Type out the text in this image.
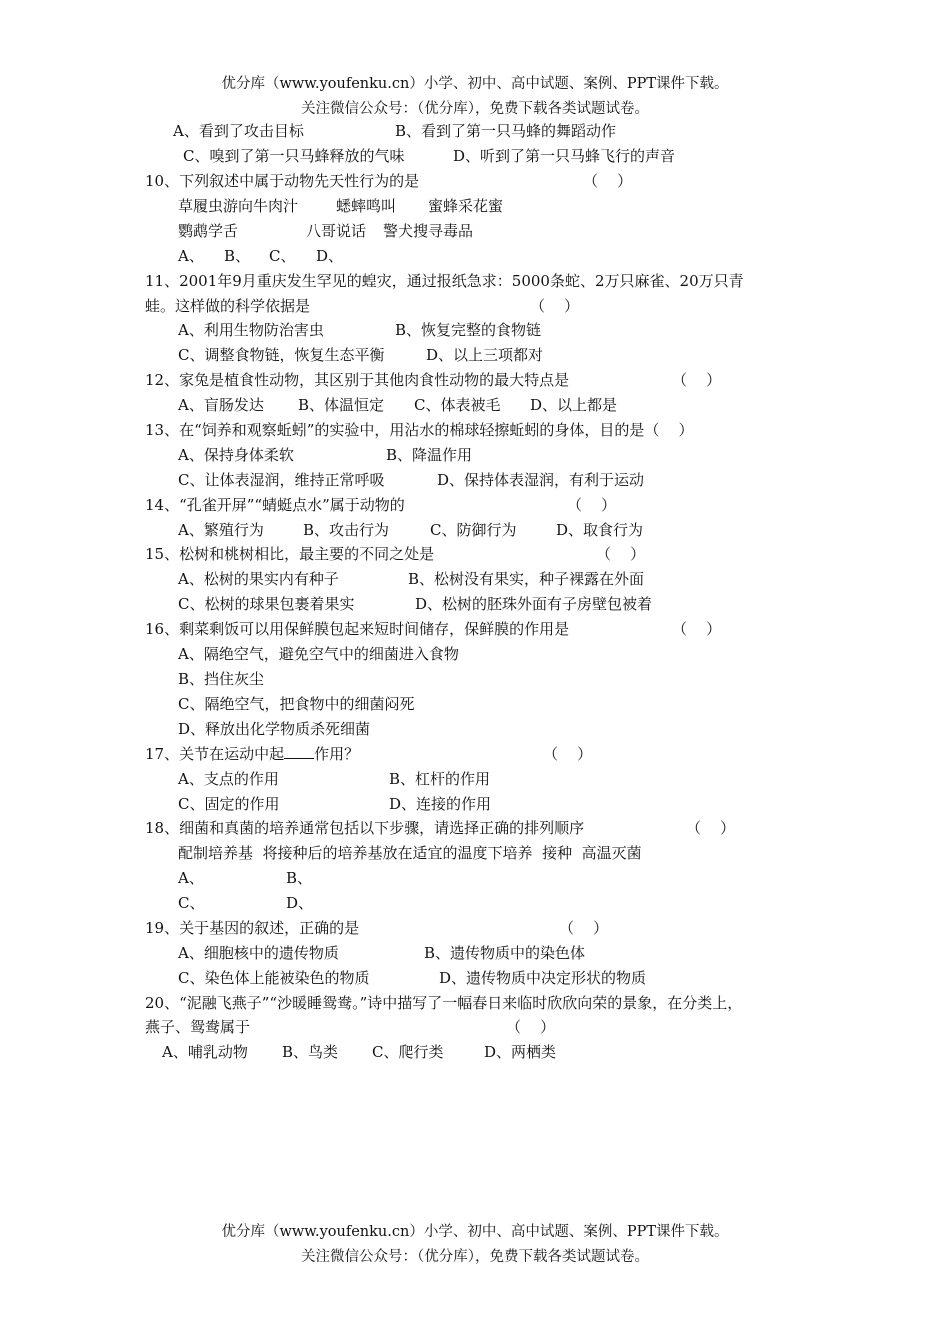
优分库（www.youfenku.cn）小学、初中、高中试题、案例、PPT课件下载。
关注微信公众号：（优分库），免费下载各类试题试卷。
A、看到了攻击目标	B、看到了第一只马蜂的舞蹈动作
C、嗅到了第一只马蜂释放的气味	D、听到了第一只马蜂飞行的声音
10、下列叙述中属于动物先天性行为的是	（    ）
草履虫游向牛肉汁	蟋蟀鸣叫 蜜蜂采花蜜
鹦鹉学舌	八哥说话 警犬搜寻毒品
A、 B、 C、 D、
11、2001年9月重庆发生罕见的蝗灾，通过报纸急求：5000条蛇、2万只麻雀、20万只青
蛙。这样做的科学依据是	（    ）
A、利用生物防治害虫	B、恢复完整的食物链
C、调整食物链，恢复生态平衡	D、以上三项都对
12、家兔是植食性动物，其区别于其他肉食性动物的最大特点是	（    ）
A、盲肠发达 B、体温恒定 C、体表被毛 D、以上都是
13、在“饲养和观察蚯蚓”的实验中，用沾水的棉球轻擦蚯蚓的身体，目的是（    ）
A、保持身体柔软	B、降温作用
C、让体表湿润，维持正常呼吸	D、保持体表湿润，有利于运动
14、“孔雀开屏”“蜻蜓点水”属于动物的	（    ）
A、繁殖行为	B、攻击行为	C、防御行为	D、取食行为
15、松树和桃树相比，最主要的不同之处是	（    ）
A、松树的果实内有种子	B、松树没有果实，种子裸露在外面
C、松树的球果包裹着果实	D、松树的胚珠外面有子房壁包被着
16、剩菜剩饭可以用保鲜膜包起来短时间储存，保鲜膜的作用是	（    ）
A、隔绝空气，避免空气中的细菌进入食物
B、挡住灰尘
C、隔绝空气，把食物中的细菌闷死
D、释放出化学物质杀死细菌
17、关节在运动中起 作用？	（    ）
A、支点的作用	B、杠杆的作用
C、固定的作用	D、连接的作用
18、细菌和真菌的培养通常包括以下步骤，请选择正确的排列顺序	（    ）
配制培养基  将接种后的培养基放在适宜的温度下培养  接种  高温灭菌
A、	B、
C、	D、
19、关于基因的叙述，正确的是	（    ）
A、细胞核中的遗传物质	B、遗传物质中的染色体
C、染色体上能被染色的物质	D、遗传物质中决定形状的物质
20、“泥融飞燕子”“沙暖睡鸳鸯。”诗中描写了一幅春日来临时欣欣向荣的景象，在分类上，
燕子、鸳鸯属于	（    ）
A、哺乳动物 B、鸟类 C、爬行类	D、两栖类
优分库（www.youfenku.cn）小学、初中、高中试题、案例、PPT课件下载。
关注微信公众号：（优分库），免费下载各类试题试卷。
